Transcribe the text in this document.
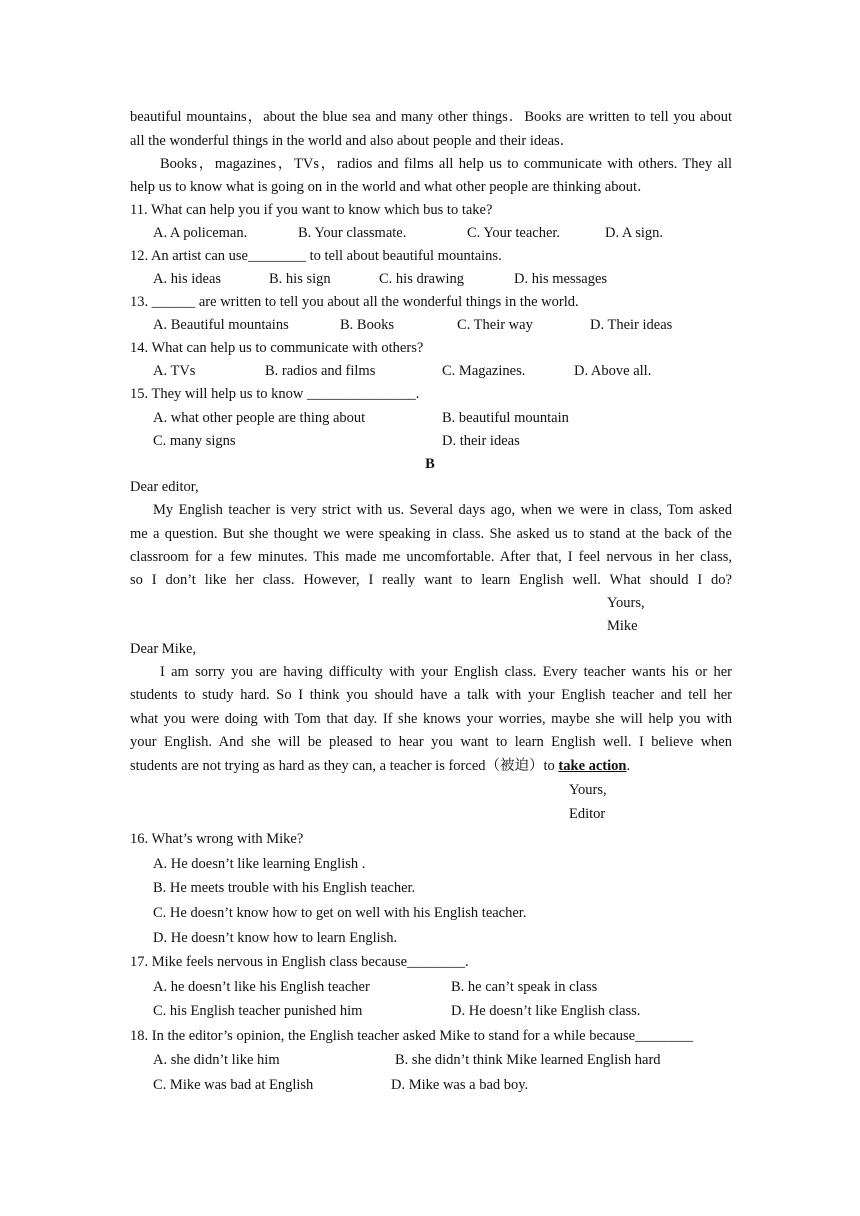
beautiful mountains，about the blue sea and many other things．Books are written to tell you about
all the wonderful things in the world and also about people and their ideas．
Books，magazines，TVs，radios and films all help us to communicate with others. They all
help us to know what is going on in the world and what other people are thinking about．
11. What can help you if you want to know which bus to take?
A. A policeman.	B. Your classmate.	C. Your teacher.	D. A sign.
12. An artist can use________ to tell about beautiful mountains.
A. his ideas	B. his sign	C. his drawing	D. his messages
13. ______ are written to tell you about all the wonderful things in the world.
A. Beautiful mountains	B. Books	C. Their way	D. Their ideas
14. What can help us to communicate with others?
A. TVs	B. radios and films	C. Magazines.	D. Above all.
15. They will help us to know _______________.
A. what other people are thing about	B. beautiful mountain
C. many signs	D. their ideas
B
Dear editor,
My English teacher is very strict with us. Several days ago, when we were in class, Tom asked
me a question. But she thought we were speaking in class. She asked us to stand at the back of the
classroom for a few minutes. This made me uncomfortable. After that, I feel nervous in her class,
so I don’t like her class. However, I really want to learn English well. What should I do?
Yours,
Mike
Dear Mike,
I am sorry you are having difficulty with your English class. Every teacher wants his or her
students to study hard. So I think you should have a talk with your English teacher and tell her
what you were doing with Tom that day. If she knows your worries, maybe she will help you with
your English. And she will be pleased to hear you want to learn English well. I believe when
students are not trying as hard as they can, a teacher is forced（被迫）to take action.
Yours,
Editor
16. What’s wrong with Mike?
A. He doesn’t like learning English .
B. He meets trouble with his English teacher.
C. He doesn’t know how to get on well with his English teacher.
D. He doesn’t know how to learn English.
17. Mike feels nervous in English class because________.
A. he doesn’t like his English teacher	B. he can’t speak in class
C. his English teacher punished him	D. He doesn’t like English class.
18. In the editor’s opinion, the English teacher asked Mike to stand for a while because________
A. she didn’t like him	B. she didn’t think Mike learned English hard
C. Mike was bad at English	D. Mike was a bad boy.
